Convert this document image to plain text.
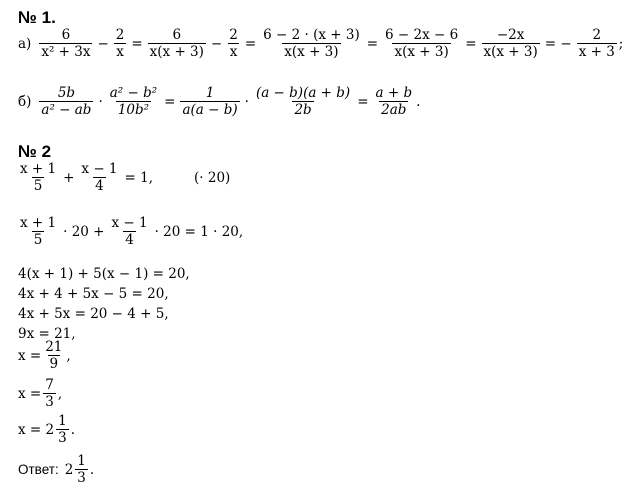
№ 1.
$а) \frac{6}{\text{x² + 3x}} - \frac{2}{x} = \frac{6}{x(x + 3)} - \frac{2}{x} = \frac{6 - 2 \cdot (x + 3)}{x(x + 3)} = \frac{6 - 2x - 6}{x(x + 3)} = \frac{-2x}{x(x + 3)}$ = − $\frac{2}{x + 3}$ ;
$б) \frac{5b}{\text{a² − ab}} \cdot \frac{\text{a² − b²}}{\text{10b²}} = \frac{1}{a(a - b)} \cdot \frac{(a - b)(a + b)}{2b} = \frac{a + b}{2ab}$ .
№ 2
$\frac{x + 1}{5} + \frac{x - 1}{4} = 1$,	(· 20)
$\frac{x + 1}{5} \cdot 20 + \frac{x - 1}{4} \cdot 20 = 1 \cdot 20$,
4(x + 1) + 5(x − 1) = 20,
4x + 4 + 5x − 5 = 20,
4x + 5x = 20 − 4 + 5,
9x = 21,
$x = \frac{21}{9}$ ,
$x = \frac{7}{3}$ ,
$x = 2 \frac{1}{3}$ .
Ответ: $2 \frac{1}{3}$ .
